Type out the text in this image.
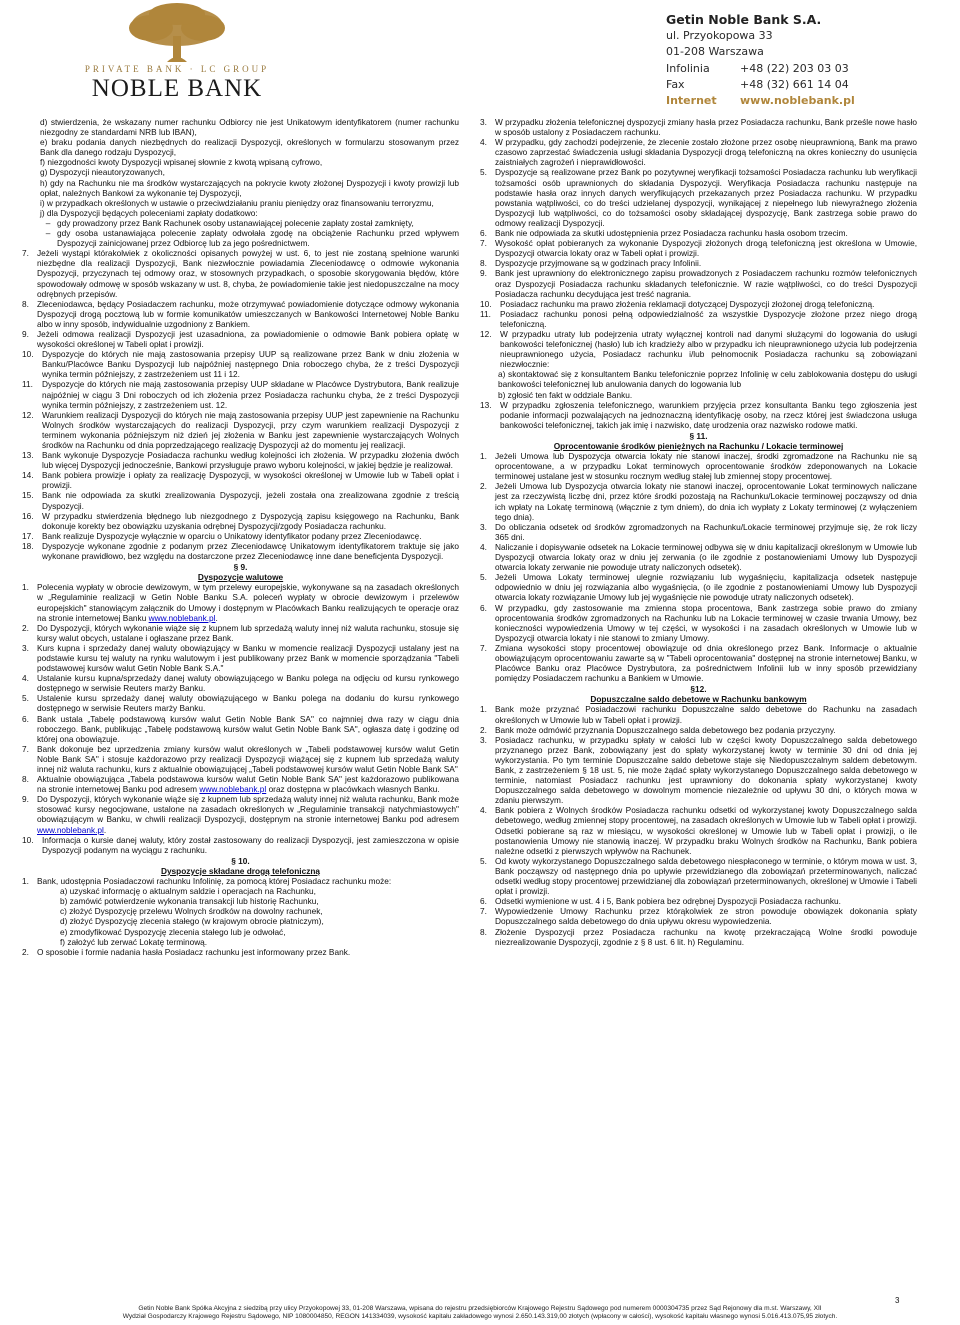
PRIVATE BANK · LC GROUP
NOBLE BANK
Getin Noble Bank S.A.
ul. Przyokopowa 33
01-208 Warszawa
Infolinia	+48 (22) 203 03 03
Fax	+48 (32) 661 14 04
Internet	www.noblebank.pl
d) stwierdzenia, że wskazany numer rachunku Odbiorcy nie jest Unikatowym identyfikatorem (numer rachunku niezgodny ze standardami NRB lub IBAN),
e) braku podania danych niezbędnych do realizacji Dyspozycji, określonych w formularzu stosowanym przez Bank dla danego rodzaju Dyspozycji,
f) niezgodności kwoty Dyspozycji wpisanej słownie z kwotą wpisaną cyfrowo,
g) Dyspozycji nieautoryzowanych,
h) gdy na Rachunku nie ma środków wystarczających na pokrycie kwoty złożonej Dyspozycji i kwoty prowizji lub opłat, należnych Bankowi za wykonanie tej Dyspozycji,
i) w przypadkach określonych w ustawie o przeciwdziałaniu praniu pieniędzy oraz finansowaniu terroryzmu,
j) dla Dyspozycji będących poleceniami zapłaty dodatkowo:
– gdy prowadzony przez Bank Rachunek osoby ustanawiającej polecenie zapłaty został zamknięty,
– gdy osoba ustanawiająca polecenie zapłaty odwołała zgodę na obciążenie Rachunku przed wpływem Dyspozycji zainicjowanej przez Odbiorcę lub za jego pośrednictwem.
7. Jeżeli wystąpi którakolwiek z okoliczności opisanych powyżej w ust. 6, to jest nie zostaną spełnione warunki niezbędne dla realizacji Dyspozycji, Bank niezwłocznie powiadamia Zleceniodawcę o odmowie wykonania Dyspozycji, przyczynach tej odmowy oraz, w stosownych przypadkach, o sposobie skorygowania błędów, które spowodowały odmowę w sposób wskazany w ust. 8, chyba, że powiadomienie takie jest niedopuszczalne na mocy odrębnych przepisów.
8. Zleceniodawca, będący Posiadaczem rachunku, może otrzymywać powiadomienie dotyczące odmowy wykonania Dyspozycji drogą pocztową lub w formie komunikatów umieszczanych w Bankowości Internetowej Noble Banku albo w inny sposób, indywidualnie uzgodniony z Bankiem.
9. Jeżeli odmowa realizacji Dyspozycji jest uzasadniona, za powiadomienie o odmowie Bank pobiera opłatę w wysokości określonej w Tabeli opłat i prowizji.
10.	Dyspozycje do których nie mają zastosowania przepisy UUP są realizowane przez Bank w dniu złożenia w Banku/Placówce Banku Dyspozycji lub najpóźniej następnego Dnia roboczego chyba, że z treści Dyspozycji wynika termin późniejszy, z zastrzeżeniem ust 11 i 12.
11.	Dyspozycje do których nie mają zastosowania przepisy UUP składane w Placówce Dystrybutora, Bank realizuje najpóźniej w ciągu 3 Dni roboczych od ich złożenia przez Posiadacza rachunku chyba, że z treści Dyspozycji wynika termin późniejszy, z zastrzeżeniem ust. 12.
12.	Warunkiem realizacji Dyspozycji do których nie mają zastosowania przepisy UUP jest zapewnienie na Rachunku Wolnych środków wystarczających do realizacji Dyspozycji, przy czym warunkiem realizacji Dyspozycji z terminem wykonania późniejszym niż dzień jej złożenia w Banku jest zapewnienie wystarczających Wolnych środków na Rachunku od dnia poprzedzającego realizację Dyspozycji aż do momentu jej realizacji.
13.	Bank wykonuje Dyspozycje Posiadacza rachunku według kolejności ich złożenia. W przypadku złożenia dwóch lub więcej Dyspozycji jednocześnie, Bankowi przysługuje prawo wyboru kolejności, w jakiej będzie je realizował.
14.	Bank pobiera prowizje i opłaty za realizację Dyspozycji, w wysokości określonej w Umowie lub w Tabeli opłat i prowizji.
15.	Bank nie odpowiada za skutki zrealizowania Dyspozycji, jeżeli została ona zrealizowana zgodnie z treścią Dyspozycji.
16.	W przypadku stwierdzenia błędnego lub niezgodnego z Dyspozycją zapisu księgowego na Rachunku, Bank dokonuje korekty bez obowiązku uzyskania odrębnej Dyspozycji/zgody Posiadacza rachunku.
17.	Bank realizuje Dyspozycje wyłącznie w oparciu o Unikatowy identyfikator podany przez Zleceniodawcę.
18.	Dyspozycje wykonane zgodnie z podanym przez Zleceniodawcę Unikatowym identyfikatorem traktuje się jako wykonane prawidłowo, bez względu na dostarczone przez Zleceniodawcę inne dane beneficjenta Dyspozycji.
§ 9.
Dyspozycje walutowe
1. Polecenia wypłaty w obrocie dewizowym, w tym przelewy europejskie, wykonywane są na zasadach określonych w „Regulaminie realizacji w Getin Noble Banku S.A. poleceń wypłaty w obrocie dewizowym i przelewów europejskich" stanowiącym załącznik do Umowy i dostępnym w Placówkach Banku realizujących te operacje oraz na stronie internetowej Banku www.noblebank.pl.
2. Do Dyspozycji, których wykonanie wiąże się z kupnem lub sprzedażą waluty innej niż waluta rachunku, stosuje się kursy walut obcych, ustalane i ogłaszane przez Bank.
3. Kurs kupna i sprzedaży danej waluty obowiązujący w Banku w momencie realizacji Dyspozycji ustalany jest na podstawie kursu tej waluty na rynku walutowym i jest publikowany przez Bank w momencie sporządzania "Tabeli podstawowej kursów walut Getin Noble Bank S.A."
4. Ustalanie kursu kupna/sprzedaży danej waluty obowiązującego w Banku polega na odjęciu od kursu rynkowego dostępnego w serwisie Reuters marży Banku.
5. Ustalenie kursu sprzedaży danej waluty obowiązującego w Banku polega na dodaniu do kursu rynkowego dostępnego w serwisie Reuters marży Banku.
6. Bank ustala „Tabelę podstawową kursów walut Getin Noble Bank SA" co najmniej dwa razy w ciągu dnia roboczego. Bank, publikując „Tabelę podstawową kursów walut Getin Noble Bank SA", ogłasza datę i godzinę od której ona obowiązuje.
7. Bank dokonuje bez uprzedzenia zmiany kursów walut określonych w „Tabeli podstawowej kursów walut Getin Noble Bank SA" i stosuje każdorazowo przy realizacji Dyspozycji wiążącej się z kupnem lub sprzedażą waluty innej niż waluta rachunku, kurs z aktualnie obowiązującej „Tabeli podstawowej kursów walut Getin Noble Bank SA"
8. Aktualnie obowiązująca „Tabela podstawowa kursów walut Getin Noble Bank SA" jest każdorazowo publikowana na stronie internetowej Banku pod adresem www.noblebank.pl oraz dostępna w placówkach własnych Banku.
9. Do Dyspozycji, których wykonanie wiąże się z kupnem lub sprzedażą waluty innej niż waluta rachunku, Bank może stosować kursy negocjowane, ustalone na zasadach określonych w „Regulaminie transakcji natychmiastowych" obowiązującym w Banku, w chwili realizacji Dyspozycji, dostępnym na stronie internetowej Banku pod adresem www.noblebank.pl.
10.	Informacja o kursie danej waluty, który został zastosowany do realizacji Dyspozycji, jest zamieszczona w opisie Dyspozycji podanym na wyciągu z rachunku.
§ 10.
Dyspozycje składane drogą telefoniczną
1. Bank, udostępnia Posiadaczowi rachunku Infolinię, za pomocą której Posiadacz rachunku może:
a) uzyskać informację o aktualnym saldzie i operacjach na Rachunku,
b) zamówić potwierdzenie wykonania transakcji lub historię Rachunku,
c) złożyć Dyspozycję przelewu Wolnych środków na dowolny rachunek,
d) złożyć Dyspozycję zlecenia stałego (w krajowym obrocie płatniczym),
e) zmodyfikować Dyspozycję zlecenia stałego lub je odwołać,
f) założyć lub zerwać Lokatę terminową.
2. O sposobie i formie nadania hasła Posiadacz rachunku jest informowany przez Bank.
3. W przypadku złożenia telefonicznej dyspozycji zmiany hasła przez Posiadacza rachunku, Bank prześle nowe hasło w sposób ustalony z Posiadaczem rachunku.
4. W przypadku, gdy zachodzi podejrzenie, że zlecenie zostało złożone przez osobę nieuprawnioną, Bank ma prawo czasowo zaprzestać świadczenia usługi składania Dyspozycji drogą telefoniczną na okres konieczny do usunięcia zaistniałych zagrożeń i nieprawidłowości.
5. Dyspozycje są realizowane przez Bank po pozytywnej weryfikacji tożsamości Posiadacza rachunku lub weryfikacji tożsamości osób uprawnionych do składania Dyspozycji. Weryfikacja Posiadacza rachunku następuje na podstawie hasła oraz innych danych weryfikujących przekazanych przez Posiadacza rachunku. W przypadku powstania wątpliwości, co do treści udzielanej dyspozycji, wynikającej z niepełnego lub niewyraźnego złożenia Dyspozycji lub wątpliwości, co do tożsamości osoby składającej dyspozycję, Bank zastrzega sobie prawo do odmowy realizacji Dyspozycji.
6. Bank nie odpowiada za skutki udostępnienia przez Posiadacza rachunku hasła osobom trzecim.
7. Wysokość opłat pobieranych za wykonanie Dyspozycji złożonych drogą telefoniczną jest określona w Umowie, Dyspozycji otwarcia lokaty oraz w Tabeli opłat i prowizji.
8. Dyspozycje przyjmowane są w godzinach pracy Infolinii.
9. Bank jest uprawniony do elektronicznego zapisu prowadzonych z Posiadaczem rachunku rozmów telefonicznych oraz Dyspozycji Posiadacza rachunku składanych telefonicznie. W razie wątpliwości, co do treści Dyspozycji Posiadacza rachunku decydująca jest treść nagrania.
10.	Posiadacz rachunku ma prawo złożenia reklamacji dotyczącej Dyspozycji złożonej drogą telefoniczną.
11.	Posiadacz rachunku ponosi pełną odpowiedzialność za wszystkie Dyspozycje złożone przez niego drogą telefoniczną.
12.	W przypadku utraty lub podejrzenia utraty wyłącznej kontroli nad danymi służącymi do logowania do usługi bankowości telefonicznej (hasło) lub ich kradzieży albo w przypadku ich nieuprawnionego użycia lub podejrzenia nieuprawnionego użycia, Posiadacz rachunku i/lub pełnomocnik Posiadacza rachunku są zobowiązani niezwłocznie:
a) skontaktować się z konsultantem Banku telefonicznie poprzez Infolinię w celu zablokowania dostępu do usługi bankowości telefonicznej lub anulowania danych do logowania lub
b) zgłosić ten fakt w oddziale Banku.
13.	W przypadku zgłoszenia telefonicznego, warunkiem przyjęcia przez konsultanta Banku tego zgłoszenia jest podanie informacji pozwalających na jednoznaczną identyfikację osoby, na rzecz której jest świadczona usługa bankowości telefonicznej, takich jak imię i nazwisko, datę urodzenia oraz nazwisko rodowe matki.
§ 11.
Oprocentowanie środków pieniężnych na Rachunku / Lokacie terminowej
1. Jeżeli Umowa lub Dyspozycja otwarcia lokaty nie stanowi inaczej, środki zgromadzone na Rachunku nie są oprocentowane, a w przypadku Lokat terminowych oprocentowanie środków zdeponowanych na Lokacie terminowej ustalane jest w stosunku rocznym według stałej lub zmiennej stopy procentowej.
2. Jeżeli Umowa lub Dyspozycja otwarcia lokaty nie stanowi inaczej, oprocentowanie Lokat terminowych naliczane jest za rzeczywistą liczbę dni, przez które środki pozostają na Rachunku/Lokacie terminowej począwszy od dnia ich wpłaty na Lokatę terminową (włącznie z tym dniem), do dnia ich wypłaty z Lokaty terminowej (z wyłączeniem tego dnia).
3. Do obliczania odsetek od środków zgromadzonych na Rachunku/Lokacie terminowej przyjmuje się, że rok liczy 365 dni.
4. Naliczanie i dopisywanie odsetek na Lokacie terminowej odbywa się w dniu kapitalizacji określonym w Umowie lub Dyspozycji otwarcia lokaty oraz w dniu jej zerwania (o ile zgodnie z postanowieniami Umowy lub Dyspozycji otwarcia lokaty zerwanie nie powoduje utraty naliczonych odsetek).
5. Jeżeli Umowa Lokaty terminowej ulegnie rozwiązaniu lub wygaśnięciu, kapitalizacja odsetek następuje odpowiednio w dniu jej rozwiązania albo wygaśnięcia, (o ile zgodnie z postanowieniami Umowy lub Dyspozycji otwarcia lokaty rozwiązanie Umowy lub jej wygaśnięcie nie powoduje utraty naliczonych odsetek).
6. W przypadku, gdy zastosowanie ma zmienna stopa procentowa, Bank zastrzega sobie prawo do zmiany oprocentowania środków zgromadzonych na Rachunku lub na Lokacie terminowej w czasie trwania Umowy, bez konieczności wypowiedzenia Umowy w tej części, w wysokości i na zasadach określonych w Umowie lub w Dyspozycji otwarcia lokaty i nie stanowi to zmiany Umowy.
7. Zmiana wysokości stopy procentowej obowiązuje od dnia określonego przez Bank. Informacje o aktualnie obowiązującym oprocentowaniu zawarte są w "Tabeli oprocentowania" dostępnej na stronie internetowej Banku, w Placówce Banku oraz Placówce Dystrybutora, za pośrednictwem Infolinii lub w inny sposób przewidziany pomiędzy Posiadaczem rachunku a Bankiem w Umowie.
§12.
Dopuszczalne saldo debetowe w Rachunku bankowym
1. Bank może przyznać Posiadaczowi rachunku Dopuszczalne saldo debetowe do Rachunku na zasadach określonych w Umowie lub w Tabeli opłat i prowizji.
2. Bank może odmówić przyznania Dopuszczalnego salda debetowego bez podania przyczyny.
3. Posiadacz rachunku, w przypadku spłaty w całości lub w części kwoty Dopuszczalnego salda debetowego przyznanego przez Bank, zobowiązany jest do spłaty wykorzystanej kwoty w terminie 30 dni od dnia jej wykorzystania. Po tym terminie Dopuszczalne saldo debetowe staje się Niedopuszczalnym saldem debetowym. Bank, z zastrzeżeniem § 18 ust. 5, nie może żądać spłaty wykorzystanego Dopuszczalnego salda debetowego w terminie, natomiast Posiadacz rachunku jest uprawniony do dokonania spłaty wykorzystanej kwoty Dopuszczalnego salda debetowego w dowolnym momencie niezależnie od upływu 30 dni, o których mowa w zdaniu pierwszym.
4. Bank pobiera z Wolnych środków Posiadacza rachunku odsetki od wykorzystanej kwoty Dopuszczalnego salda debetowego, według zmiennej stopy procentowej, na zasadach określonych w Umowie lub w Tabeli opłat i prowizji. Odsetki pobierane są raz w miesiącu, w wysokości określonej w Umowie lub w Tabeli opłat i prowizji, o ile postanowienia Umowy nie stanowią inaczej. W przypadku braku Wolnych środków na Rachunku, Bank pobiera należne odsetki z pierwszych wpływów na Rachunek.
5. Od kwoty wykorzystanego Dopuszczalnego salda debetowego niespłaconego w terminie, o którym mowa w ust. 3, Bank począwszy od następnego dnia po upływie przewidzianego dla zobowiązań przeterminowanych, naliczać odsetki według stopy procentowej przewidzianej dla zobowiązań przeterminowanych, określonej w Umowie i Tabeli opłat i prowizji.
6. Odsetki wymienione w ust. 4 i 5, Bank pobiera bez odrębnej Dyspozycji Posiadacza rachunku.
7. Wypowiedzenie Umowy Rachunku przez którąkolwiek ze stron powoduje obowiązek dokonania spłaty Dopuszczalnego salda debetowego do dnia upływu okresu wypowiedzenia.
8. Złożenie Dyspozycji przez Posiadacza rachunku na kwotę przekraczającą Wolne środki powoduje niezrealizowanie Dyspozycji, zgodnie z § 8 ust. 6 lit. h) Regulaminu.
3
Getin Noble Bank Spółka Akcyjna z siedzibą przy ulicy Przyokopowej 33, 01-208 Warszawa, wpisana do rejestru przedsiębiorców Krajowego Rejestru Sądowego pod numerem 0000304735 przez Sąd Rejonowy dla m.st. Warszawy, XII
Wydział Gospodarczy Krajowego Rejestru Sądowego, NIP 1080004850, REGON 141334039, wysokość kapitału zakładowego wynosi 2.650.143.319,00 złotych (wpłacony w całości), wysokość kapitału własnego wynosi 5.016.413.075,95 złotych.
